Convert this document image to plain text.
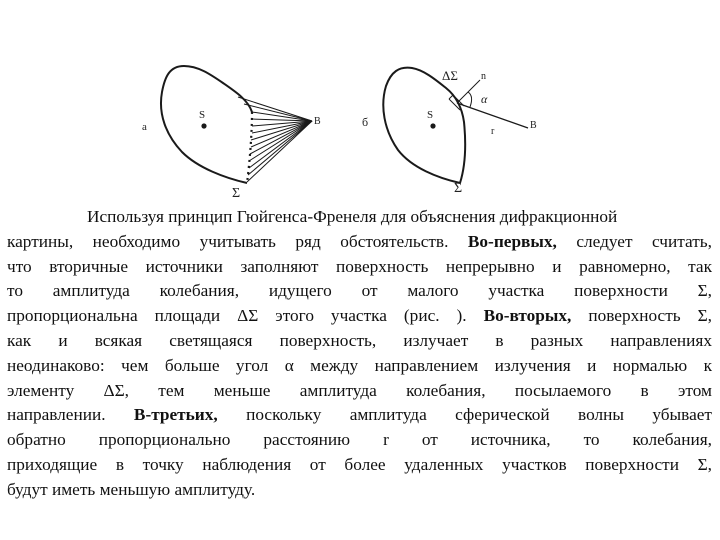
S
B
а
Σ
S
B
б
ΔΣ n
α
r
Σ
Используя принцип Гюйгенса-Френеля для объяснения дифракционной
картины, необходимо учитывать ряд обстоятельств. Во-первых, следует считать,
что вторичные источники заполняют поверхность непрерывно и равномерно, так
то амплитуда колебания, идущего от малого участка поверхности Σ,
пропорциональна площади ΔΣ этого участка (рис. ). Во-вторых, поверхность Σ,
как и всякая светящаяся поверхность, излучает в разных направлениях
неодинаково: чем больше угол α между направлением излучения и нормалью к
элементу ΔΣ, тем меньше амплитуда колебания, посылаемого в этом
направлении. В-третьих, поскольку амплитуда сферической волны убывает
обратно пропорционально расстоянию r от источника, то колебания,
приходящие в точку наблюдения от более удаленных участков поверхности Σ,
будут иметь меньшую амплитуду.
